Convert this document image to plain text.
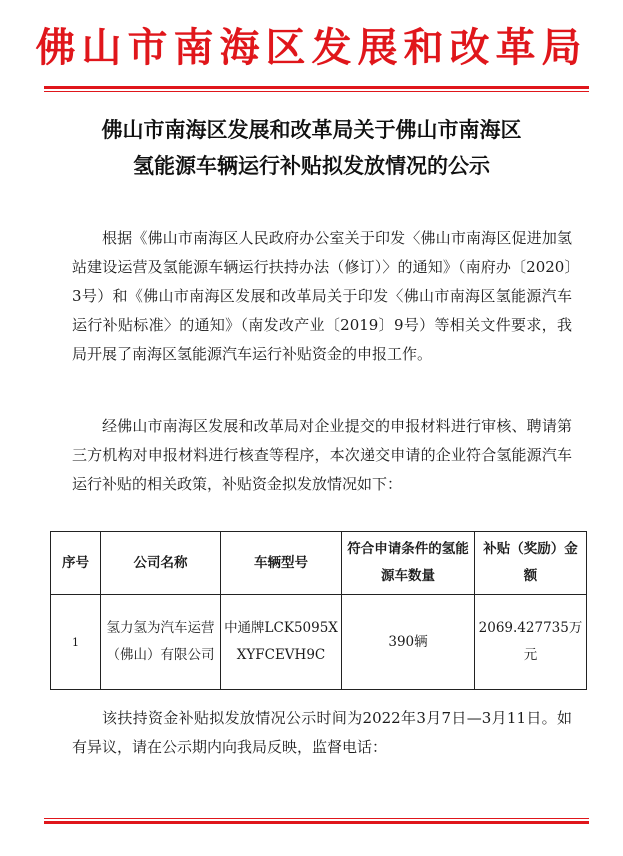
佛山市南海区发展和改革局
佛山市南海区发展和改革局关于佛山市南海区
氢能源车辆运行补贴拟发放情况的公示

根据《佛山市南海区人民政府办公室关于印发〈佛山市南海区促进加氢站建设运营及氢能源车辆运行扶持办法（修订）〉的通知》（南府办〔2020〕3号）和《佛山市南海区发展和改革局关于印发〈佛山市南海区氢能源汽车运行补贴标准〉的通知》（南发改产业〔2019〕9号）等相关文件要求，我局开展了南海区氢能源汽车运行补贴资金的申报工作。

经佛山市南海区发展和改革局对企业提交的申报材料进行审核、聘请第三方机构对申报材料进行核查等程序，本次递交申请的企业符合氢能源汽车运行补贴的相关政策，补贴资金拟发放情况如下：

序号	公司名称	车辆型号	符合申请条件的氢能源车数量	补贴（奖励）金额
1	氢力氢为汽车运营（佛山）有限公司	中通牌LCK5095XXYFCEVH9C	390辆	2069.427735万元

该扶持资金补贴拟发放情况公示时间为2022年3月7日—3月11日。如有异议，请在公示期内向我局反映，监督电话：
